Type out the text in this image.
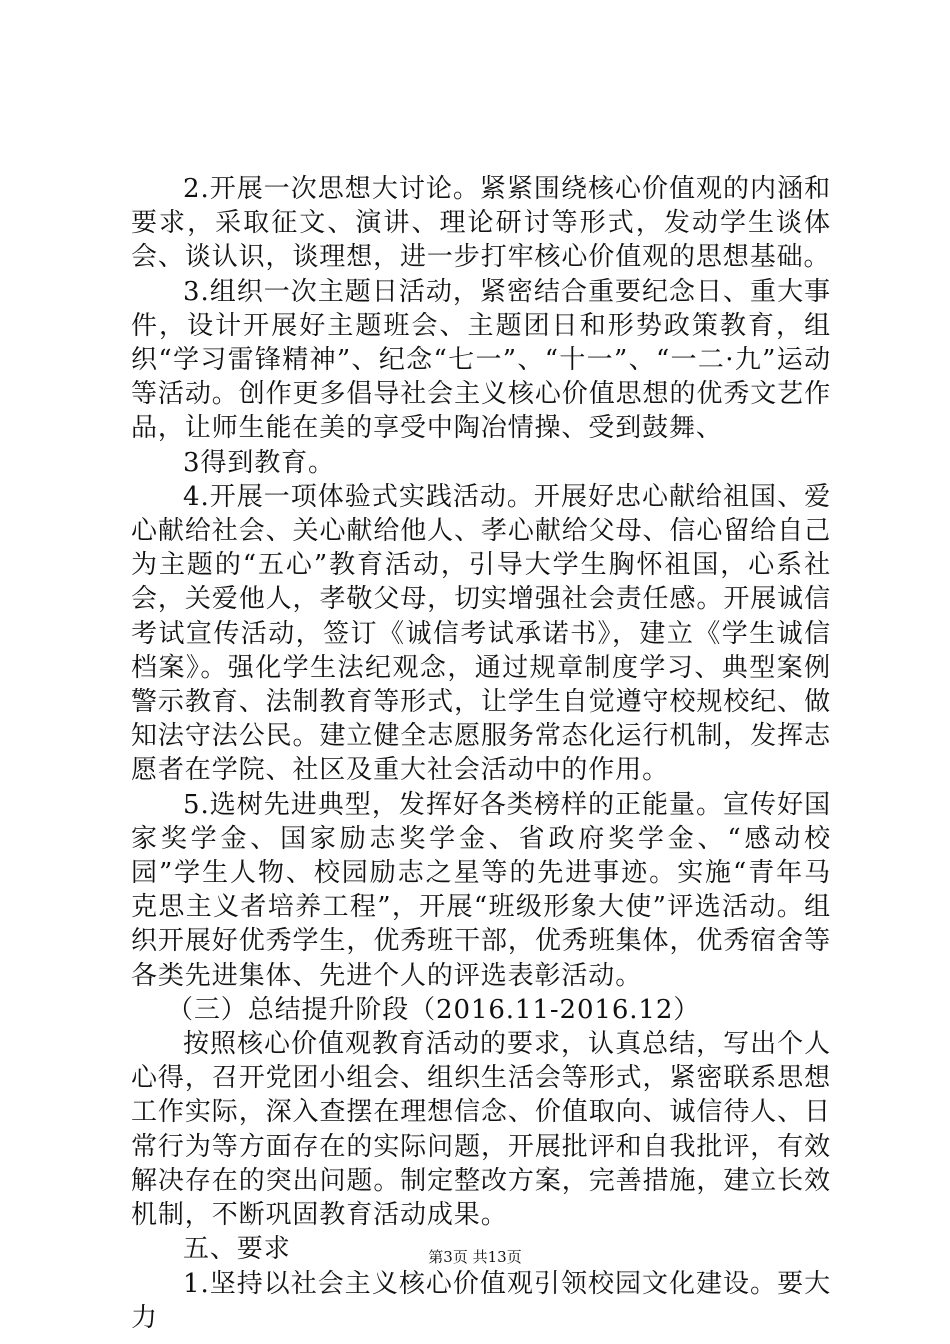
2.开展一次思想大讨论。紧紧围绕核心价值观的内涵和要求，采取征文、演讲、理论研讨等形式，发动学生谈体会、谈认识，谈理想，进一步打牢核心价值观的思想基础。

3.组织一次主题日活动，紧密结合重要纪念日、重大事件，设计开展好主题班会、主题团日和形势政策教育，组织“学习雷锋精神”、纪念“七一”、“十一”、“一二·九”运动等活动。创作更多倡导社会主义核心价值思想的优秀文艺作品，让师生能在美的享受中陶冶情操、受到鼓舞、

3得到教育。

4.开展一项体验式实践活动。开展好忠心献给祖国、爱心献给社会、关心献给他人、孝心献给父母、信心留给自己为主题的“五心”教育活动，引导大学生胸怀祖国，心系社会，关爱他人，孝敬父母，切实增强社会责任感。开展诚信考试宣传活动，签订《诚信考试承诺书》，建立《学生诚信档案》。强化学生法纪观念，通过规章制度学习、典型案例警示教育、法制教育等形式，让学生自觉遵守校规校纪、做知法守法公民。建立健全志愿服务常态化运行机制，发挥志愿者在学院、社区及重大社会活动中的作用。

5.选树先进典型，发挥好各类榜样的正能量。宣传好国家奖学金、国家励志奖学金、省政府奖学金、“感动校园”学生人物、校园励志之星等的先进事迹。实施“青年马克思主义者培养工程”，开展“班级形象大使”评选活动。组织开展好优秀学生，优秀班干部，优秀班集体，优秀宿舍等各类先进集体、先进个人的评选表彰活动。

（三）总结提升阶段（2016.11-2016.12）

按照核心价值观教育活动的要求，认真总结，写出个人心得，召开党团小组会、组织生活会等形式，紧密联系思想工作实际，深入查摆在理想信念、价值取向、诚信待人、日常行为等方面存在的实际问题，开展批评和自我批评，有效解决存在的突出问题。制定整改方案，完善措施，建立长效机制，不断巩固教育活动成果。

五、要求

1.坚持以社会主义核心价值观引领校园文化建设。要大力

第3页 共13页
